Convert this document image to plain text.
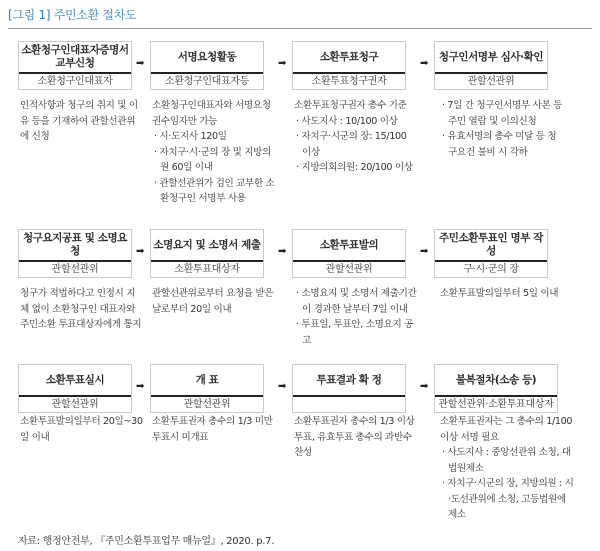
[그림 1] 주민소환 절차도
소환청구인대표자증명서 교부신청
소환청구인대표자
➡
서명요청활동
소환청구인대표자등
➡
소환투표청구
소환투표청구권자
➡
청구인서명부 심사·확인
관할선관위
인적사항과 청구의 취지 및 이유 등을 기재하여 관할선관위에 신청
소환청구인대표자와 서명요청권수임자만 가능
· 시·도지사 120일
· 자치구·시·군의 장 및 지방의원 60일 이내
· 관할선관위가 검인 교부한 소환청구인 서명부 사용
소환투표청구권자 총수 기준
· 사도지사 : 10/100 이상
· 자치구·시군의 장: 15/100 이상
· 지방의회의원: 20/100 이상
· 7일 간 청구인서명부 사본 등 주민 열람 및 이의신청
· 유효서명의 총수 미달 등 청구요건 불비 시 각하
청구요지공표 및 소명요청
관할선관위
➡
소명요지 및 소명서 제출
소환투표대상자
➡
소환투표발의
관할선관위
➡
주민소환투표인 명부 작성
구·시·군의 장
청구가 적법하다고 인정시 지체 없이 소환청구인 대표자와 주민소환 투표대상자에게 통지
관할선관위로부터 요청을 받은 날로부터 20일 이내
· 소명요지 및 소명서 제출기간이 경과한 날부터 7일 이내
· 투표일, 투표안, 소명요지 공고
소환투표발의일부터 5일 이내
소환투표실시
관할선관위
➡
개 표
관할선관위
➡
투표결과 확 정
➡
불복절차(소송 등)
관할선관위·소환투표대상자
소환투표발의일부터 20일~30일 이내
소환투표권자 총수의 1/3 미만 투표시 미개표
소환투표권자 총수의 1/3 이상 투표, 유효투표 총수의 과반수 찬성
소환투표권자는 그 총수의 1/100 이상 서명 필요
· 사도지사 : 중앙선관위 소청, 대법원제소
· 자치구·시군의 장, 지방의원 : 시·도선관위에 소청, 고등법원에 제소
자료: 행정안전부, 『주민소환투표업무 매뉴얼』, 2020. p.7.
